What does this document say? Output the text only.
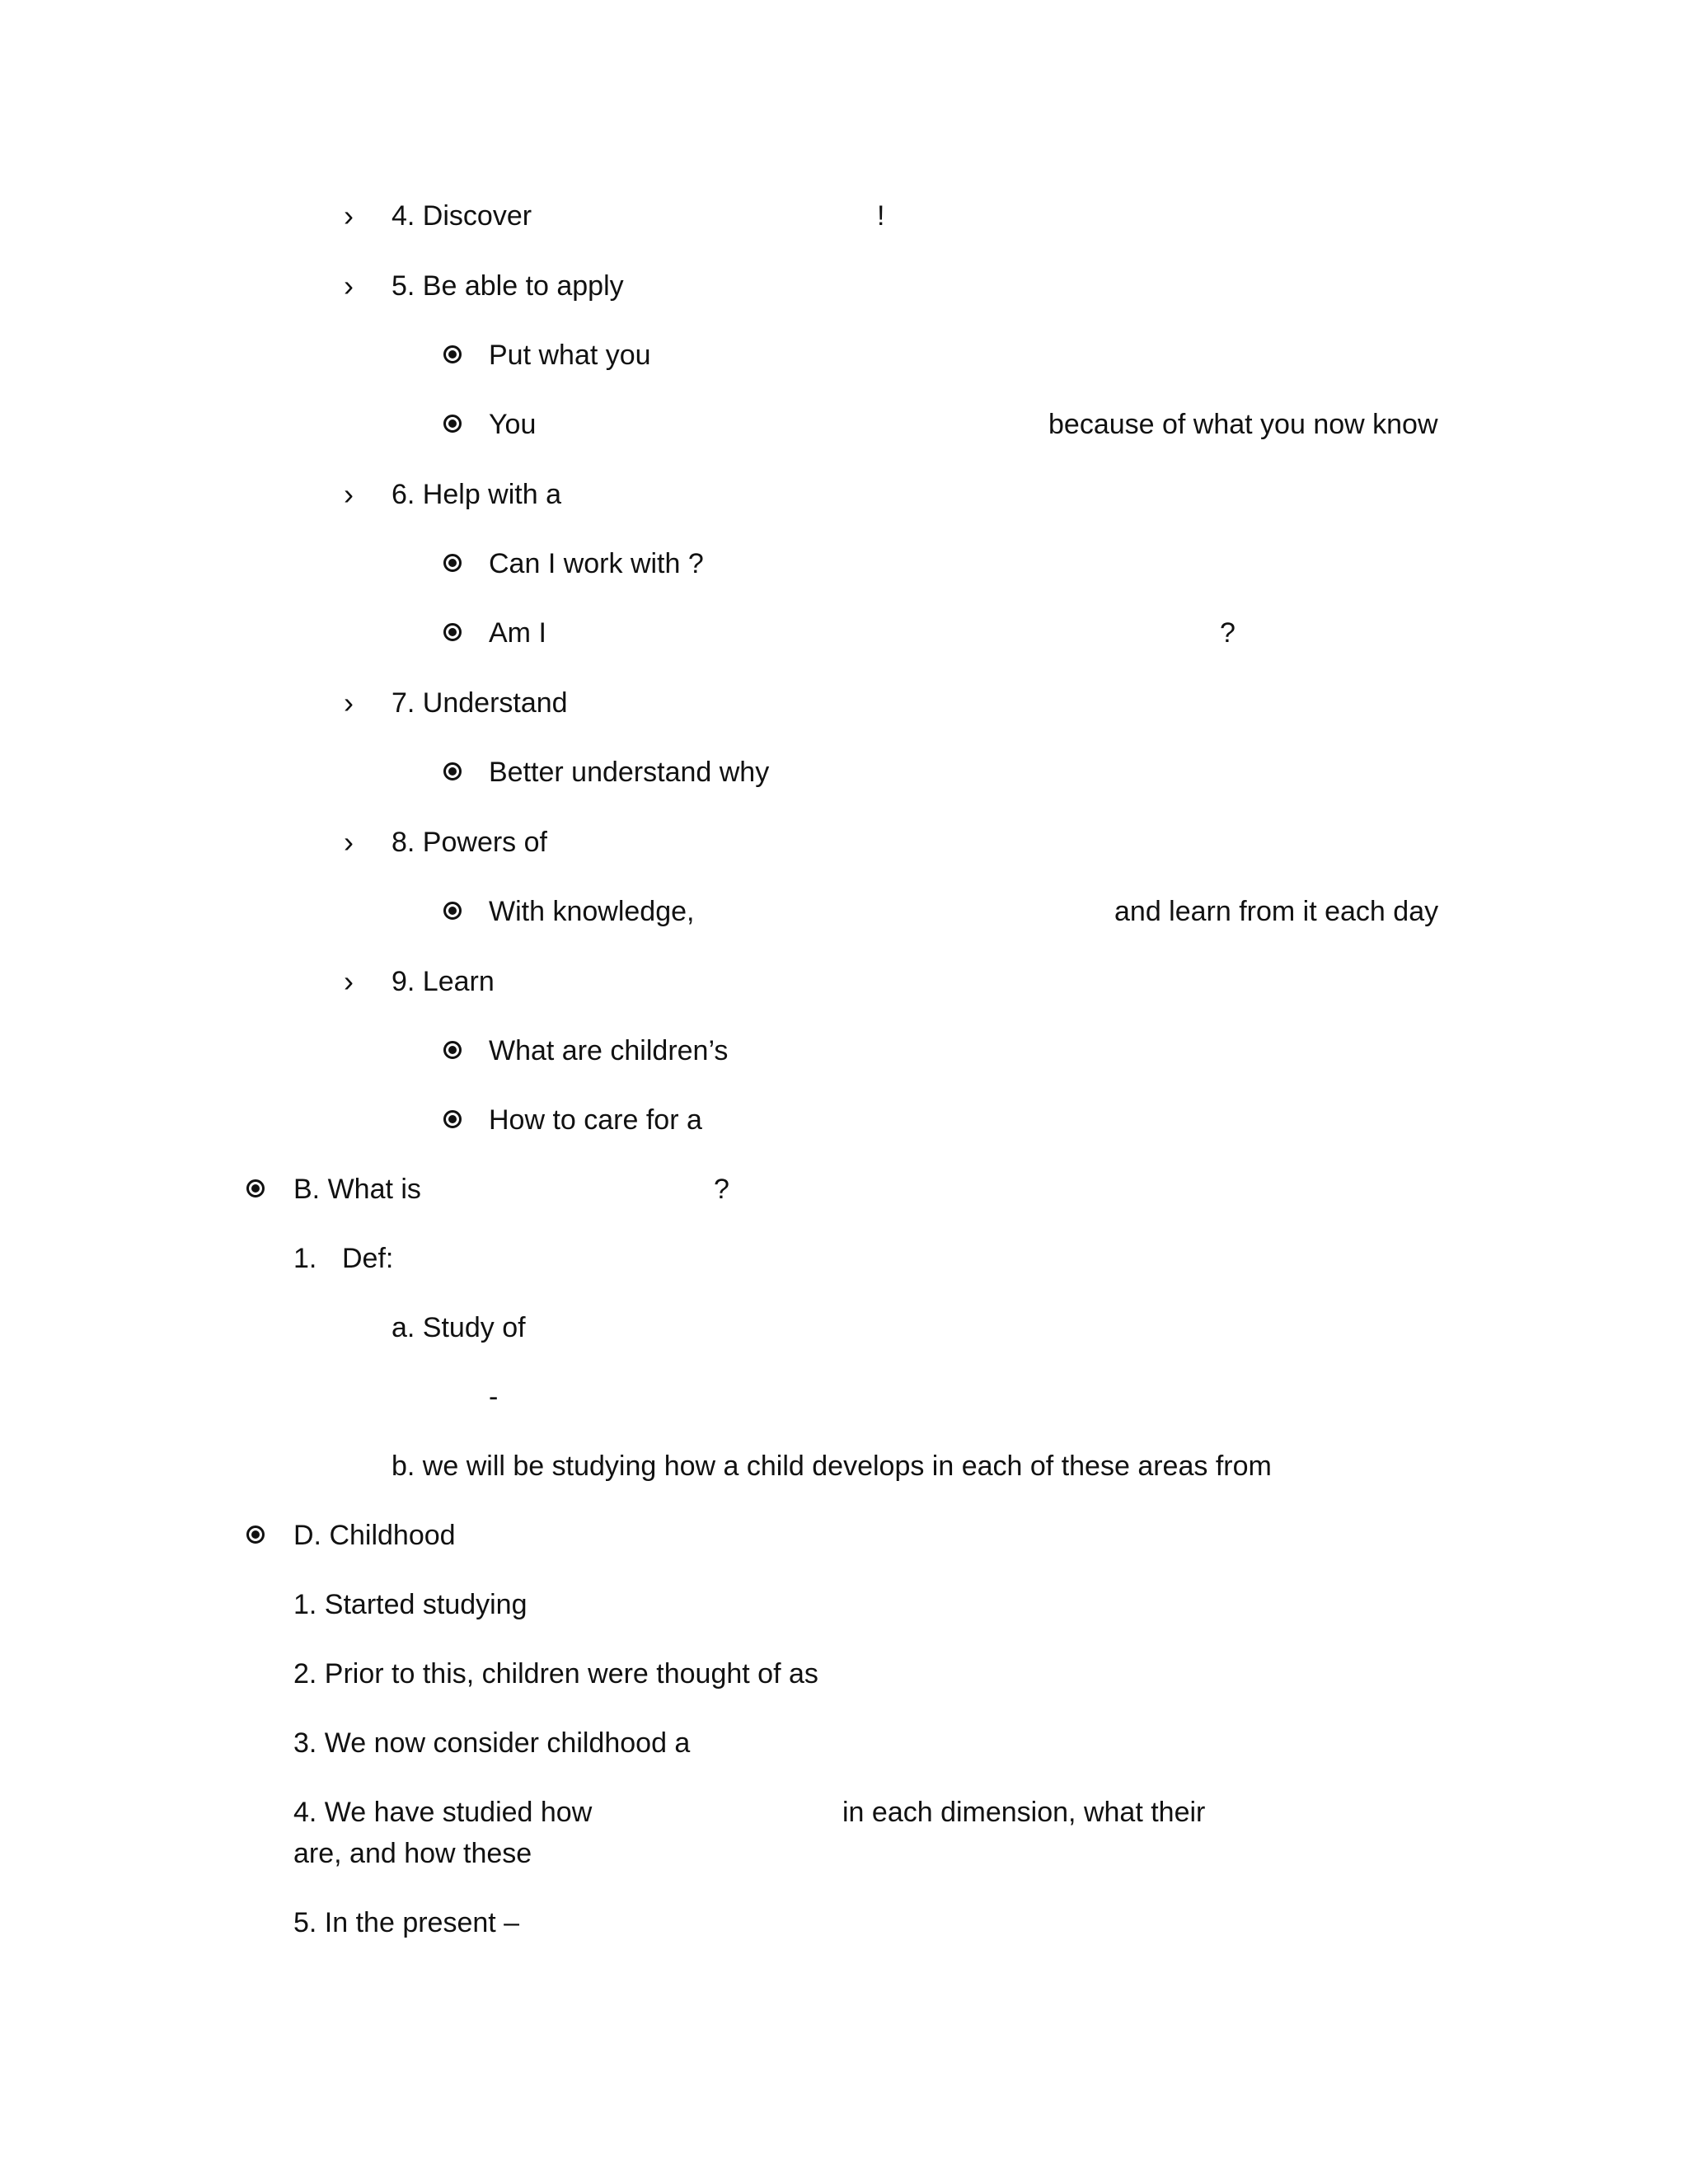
› 4. Discover	!
› 5. Be able to apply
Put what you
You	because of what you now know
› 6. Help with a
Can I work with ?
Am I	?
› 7. Understand
Better understand why
› 8. Powers of
With knowledge,	and learn from it each day
› 9. Learn
What are children’s
How to care for a
B. What is	?
1. Def:
a. Study of
-
b. we will be studying how a child develops in each of these areas from
D. Childhood
1. Started studying
2. Prior to this, children were thought of as
3. We now consider childhood a
4. We have studied how	in each dimension, what their
are, and how these
5. In the present –
